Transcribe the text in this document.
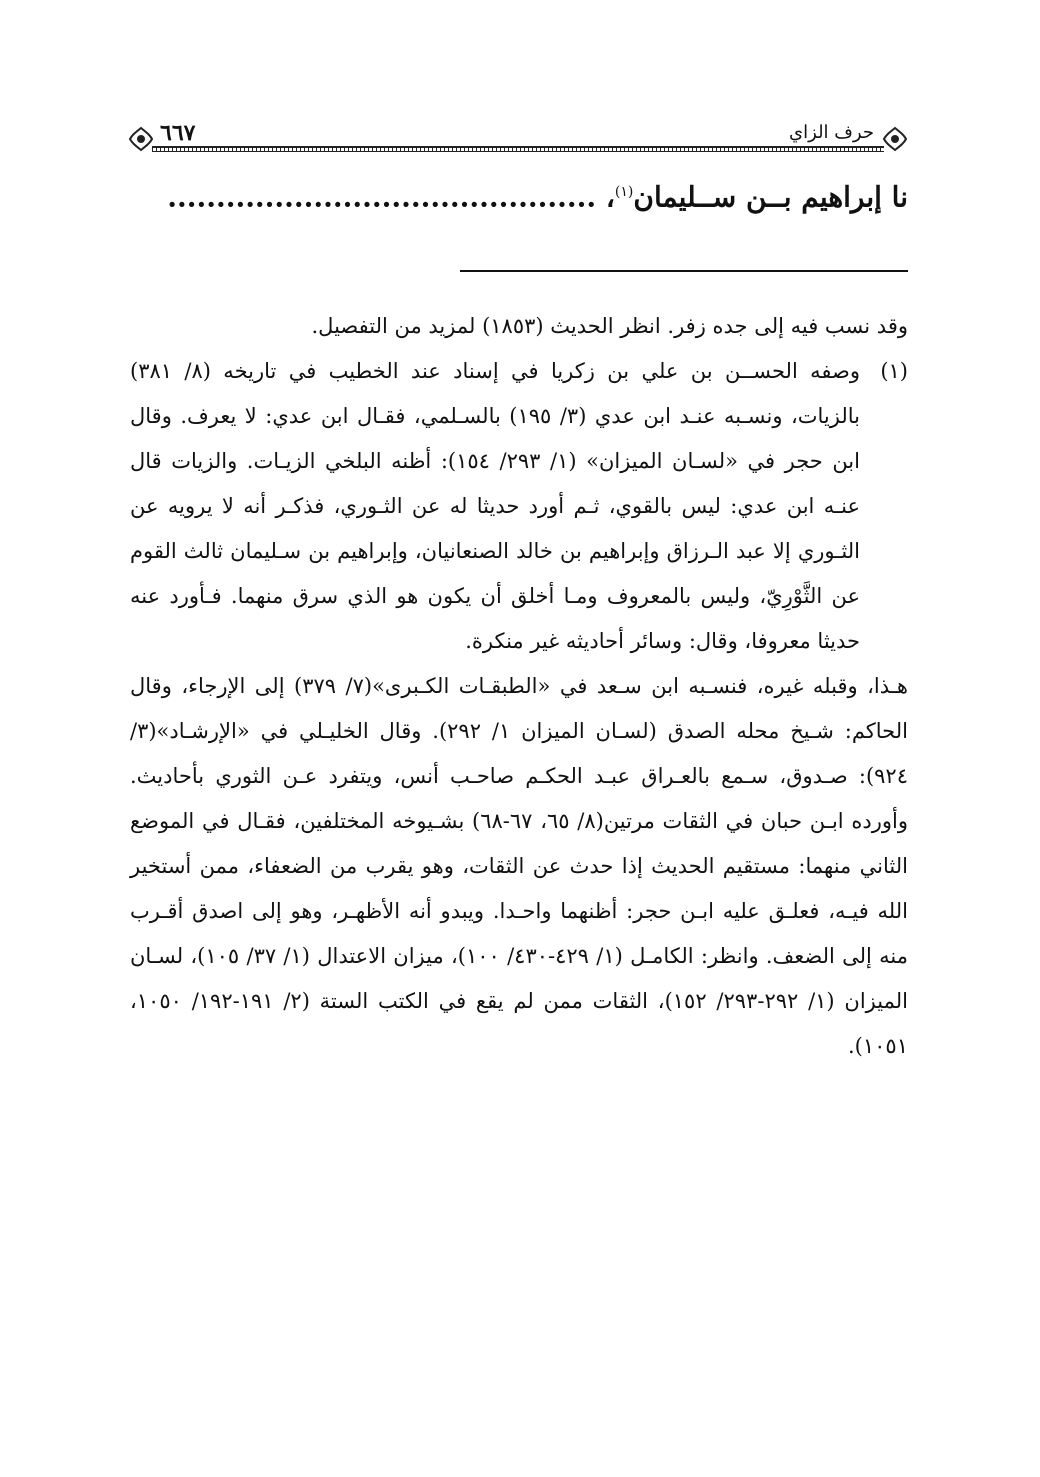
٦٦٧	حرف الزاي
نا إبراهيم بــن ســليمان$^{(١)}$، ............................................
وقد نسب فيه إلى جده زفر. انظر الحديث (١٨٥٣) لمزيد من التفصيل.
(١)
وصفه الحســن بن علي بن زكريا في إسناد عند الخطيب في تاريخه (٨/ ٣٨١) بالزيات، ونسـبه عنـد ابن عدي (٣/ ١٩٥) بالسـلمي، فقـال ابن عدي: لا يعرف. وقال ابن حجر في «لسـان الميزان» (١/ ٢٩٣/ ١٥٤): أظنه البلخي الزيـات. والزيات قال عنـه ابن عدي: ليس بالقوي، ثـم أورد حديثا له عن الثـوري، فذكـر أنه لا يرويه عن الثـوري إلا عبد الـرزاق وإبراهيم بن خالد الصنعانيان، وإبراهيم بن سـليمان ثالث القوم عن الثَّوْرِيّ، وليس بالمعروف ومـا أخلق أن يكون هو الذي سرق منهما. فـأورد عنه حديثا معروفا، وقال: وسائر أحاديثه غير منكرة.
هـذا، وقبله غيره، فنسـبه ابن سـعد في «الطبقـات الكـبرى»(٧/ ٣٧٩) إلى الإرجاء، وقال الحاكم: شـيخ محله الصدق (لسـان الميزان ١/ ٢٩٢). وقال الخليـلي في «الإرشـاد»(٣/ ٩٢٤): صـدوق، سـمع بالعـراق عبـد الحكـم صاحـب أنس، ويتفرد عـن الثوري بأحاديث. وأورده ابـن حبان في الثقات مرتين(٨/ ٦٥، ٦٧-٦٨) بشـيوخه المختلفين، فقـال في الموضع الثاني منهما: مستقيم الحديث إذا حدث عن الثقات، وهو يقرب من الضعفاء، ممن أستخير الله فيـه، فعلـق عليه ابـن حجر: أظنهما واحـدا. ويبدو أنه الأظهـر، وهو إلى اصدق أقـرب منه إلى الضعف. وانظر: الكامـل (١/ ٤٢٩-٤٣٠/ ١٠٠)، ميزان الاعتدال (١/ ٣٧/ ١٠٥)، لسـان الميزان (١/ ٢٩٢-٢٩٣/ ١٥٢)، الثقات ممن لم يقع في الكتب الستة (٢/ ١٩١-١٩٢/ ١٠٥٠، ١٠٥١).
